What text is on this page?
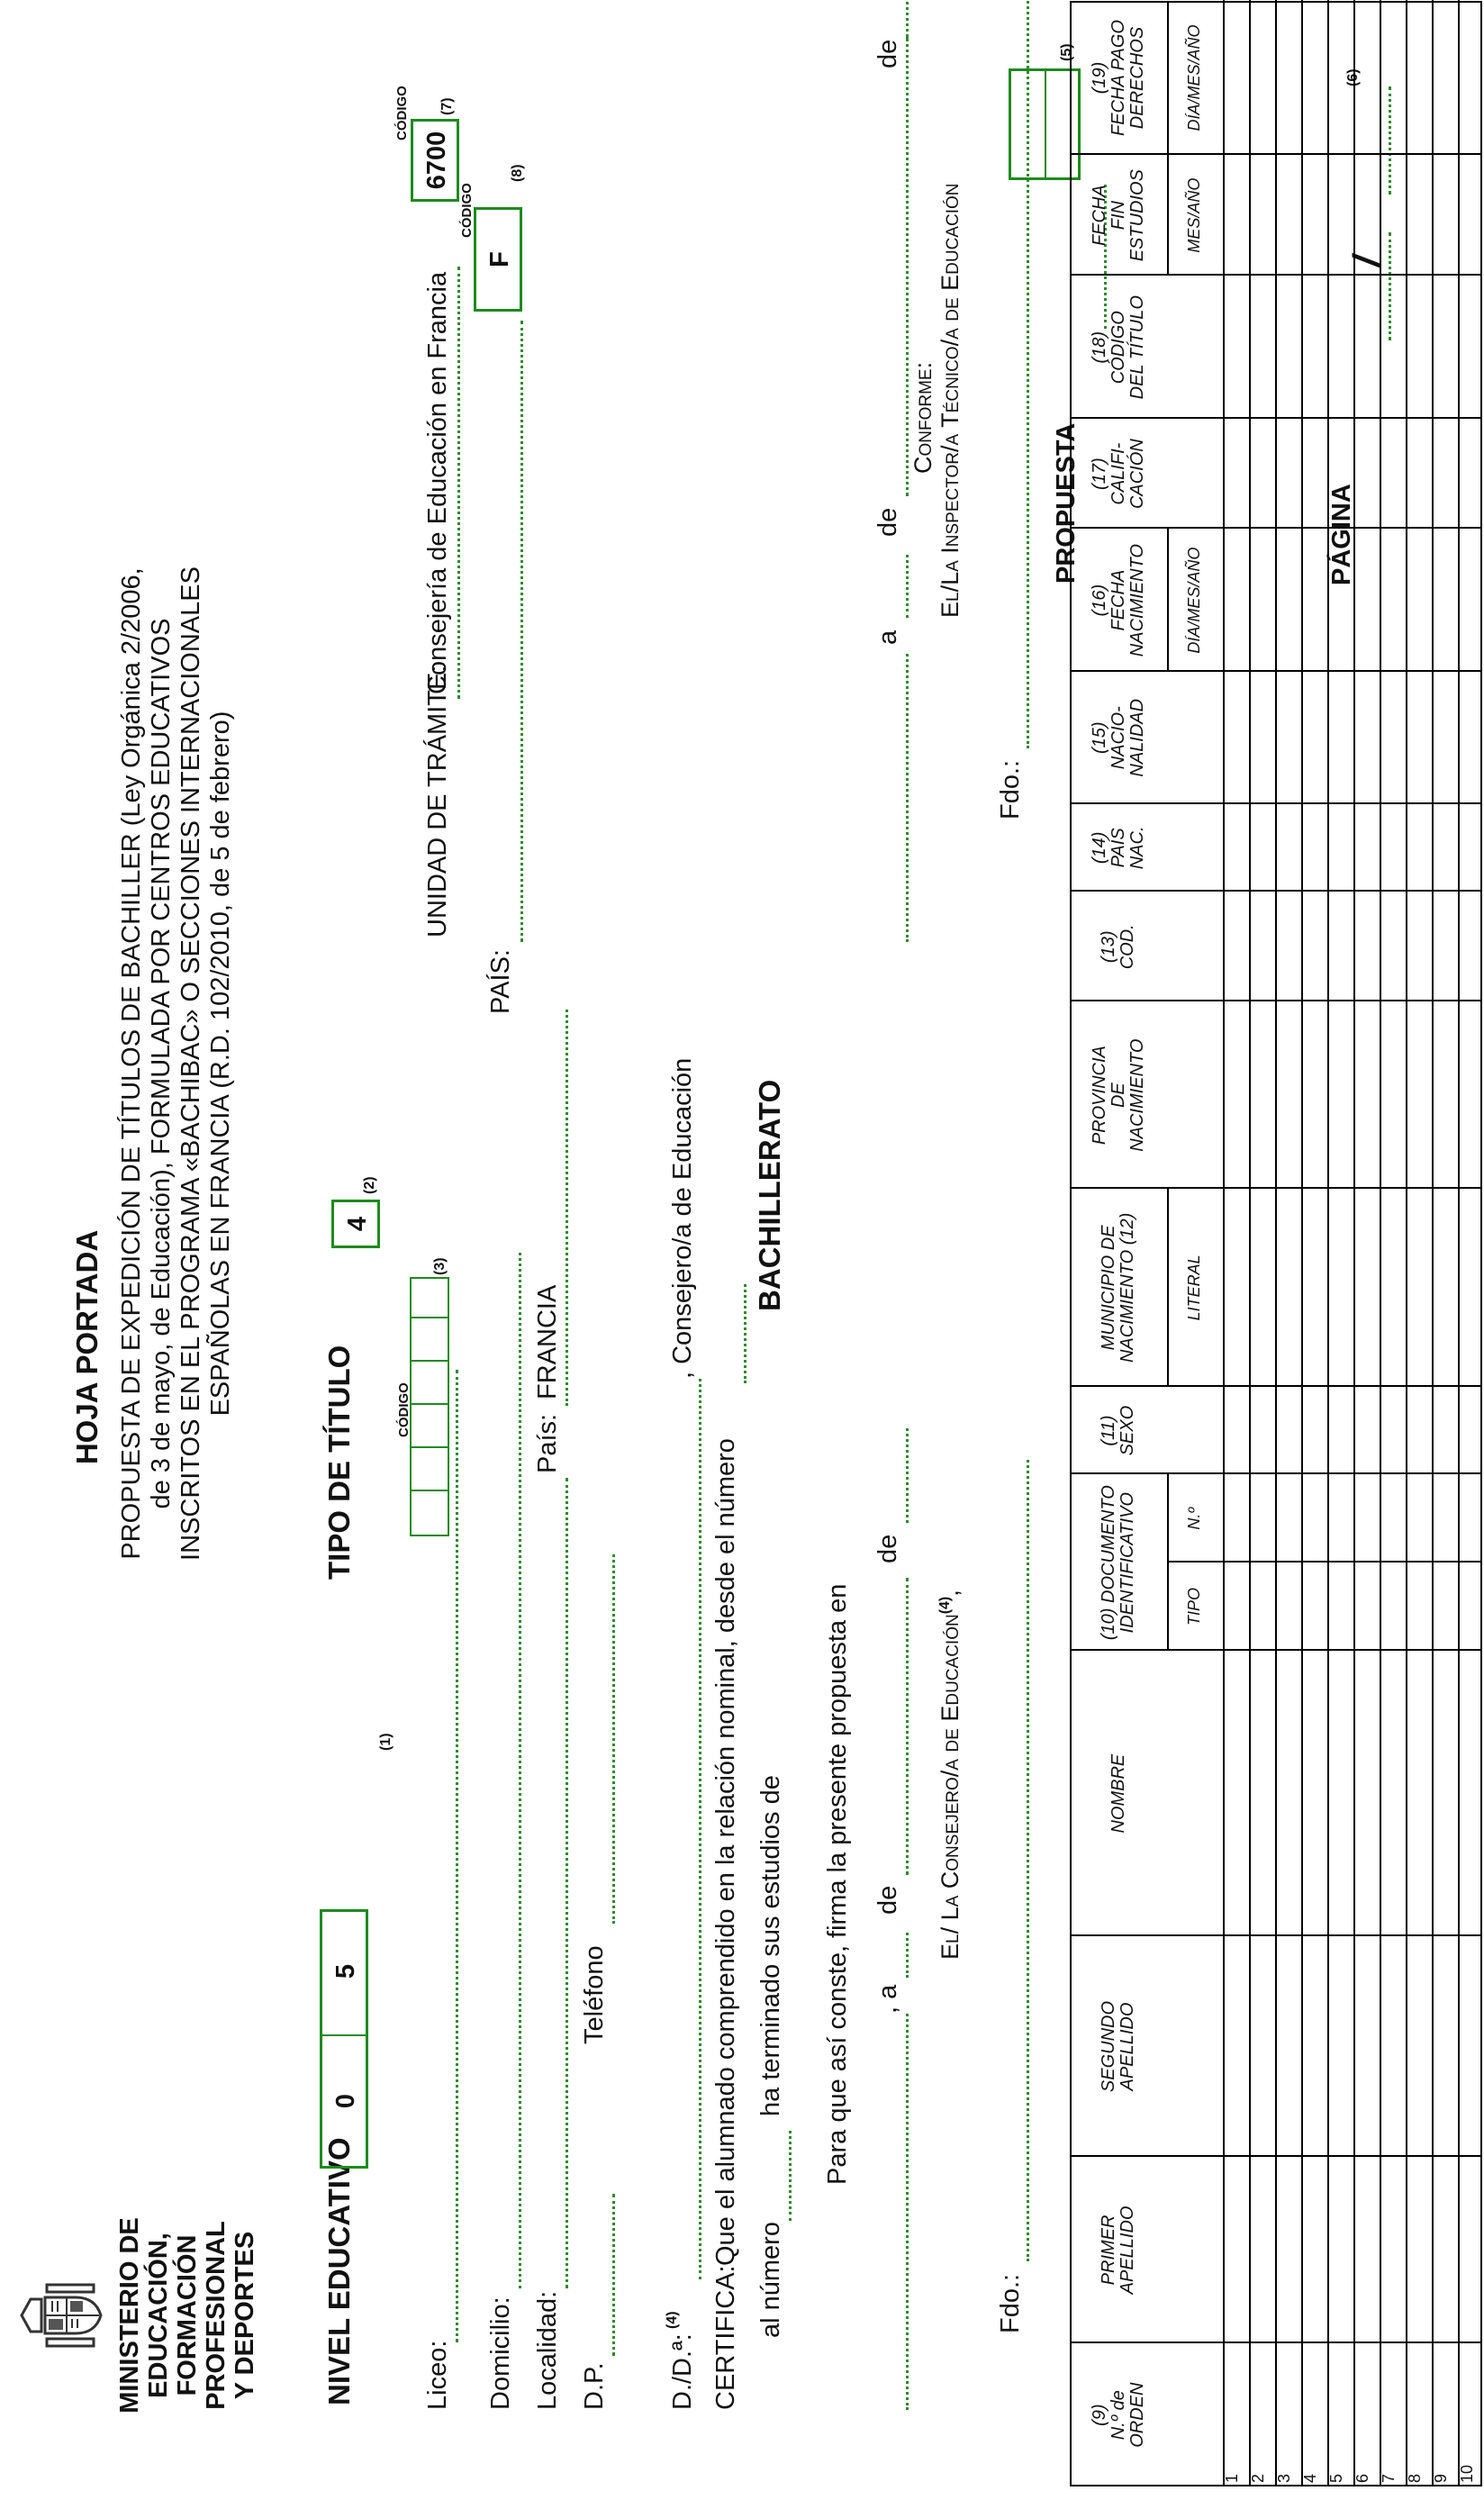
MINISTERIO DE EDUCACIÓN, FORMACIÓN PROFESIONAL Y DEPORTES
HOJA PORTADA PROPUESTA DE EXPEDICIÓN DE TÍTULOS DE BACHILLER (Ley Orgánica 2/2006, de 3 de mayo, de Educación), FORMULADA POR CENTROS EDUCATIVOS INSCRITOS EN EL PROGRAMA «BACHIBAC» O SECCIONES INTERNACIONALES ESPAÑOLAS EN FRANCIA (R.D. 102/2010, de 5 de febrero)
PROPUESTA
(5)
PÁGINA
/
(6)
NIVEL EDUCATIVO
0
5
(1)
TIPO DE TÍTULO
4
(2)
CÓDIGO
(3)
UNIDAD DE TRÁMITE:
Consejería de Educación en Francia
CÓDIGO
6700
(7)
PAÍS:
CÓDIGO
F
(8)
Liceo: Domicilio: Localidad:
País:
FRANCIA
D.P.
Teléfono
D./D.ª:
(4)
, Consejero/a de Educación
CERTIFICA:
Que el alumnado comprendido en la relación nominal, desde el número
al número
ha terminado sus estudios de
BACHILLERATO
Para que así conste, firma la presente propuesta en , a
de
de
El/ La Consejero/a de Educación$^{(4)}$,
Fdo.:
a
de
de
Conforme: El/La Inspector/a Técnico/a de Educación
Fdo.:
(9) N.º de ORDEN
PRIMER APELLIDO
SEGUNDO APELLIDO
NOMBRE
(10) DOCUMENTO IDENTIFICATIVO
(11) SEXO
MUNICIPIO DE NACIMIENTO (12)
PROVINCIA DE NACIMIENTO
(13) COD.
(14) PAÍS NAC.
(15) NACIO- NALIDAD
(16) FECHA NACIMIENTO
(17) CALIFI- CACIÓN
(18) CÓDIGO DEL TÍTULO
FECHA FIN ESTUDIOS
(19) FECHA PAGO DERECHOS
TIPO
N.º
LITERAL
DÍA/MES/AÑO
MES/AÑO
DÍA/MES/AÑO
1 2 3 4 5 6 7 8 9 10
